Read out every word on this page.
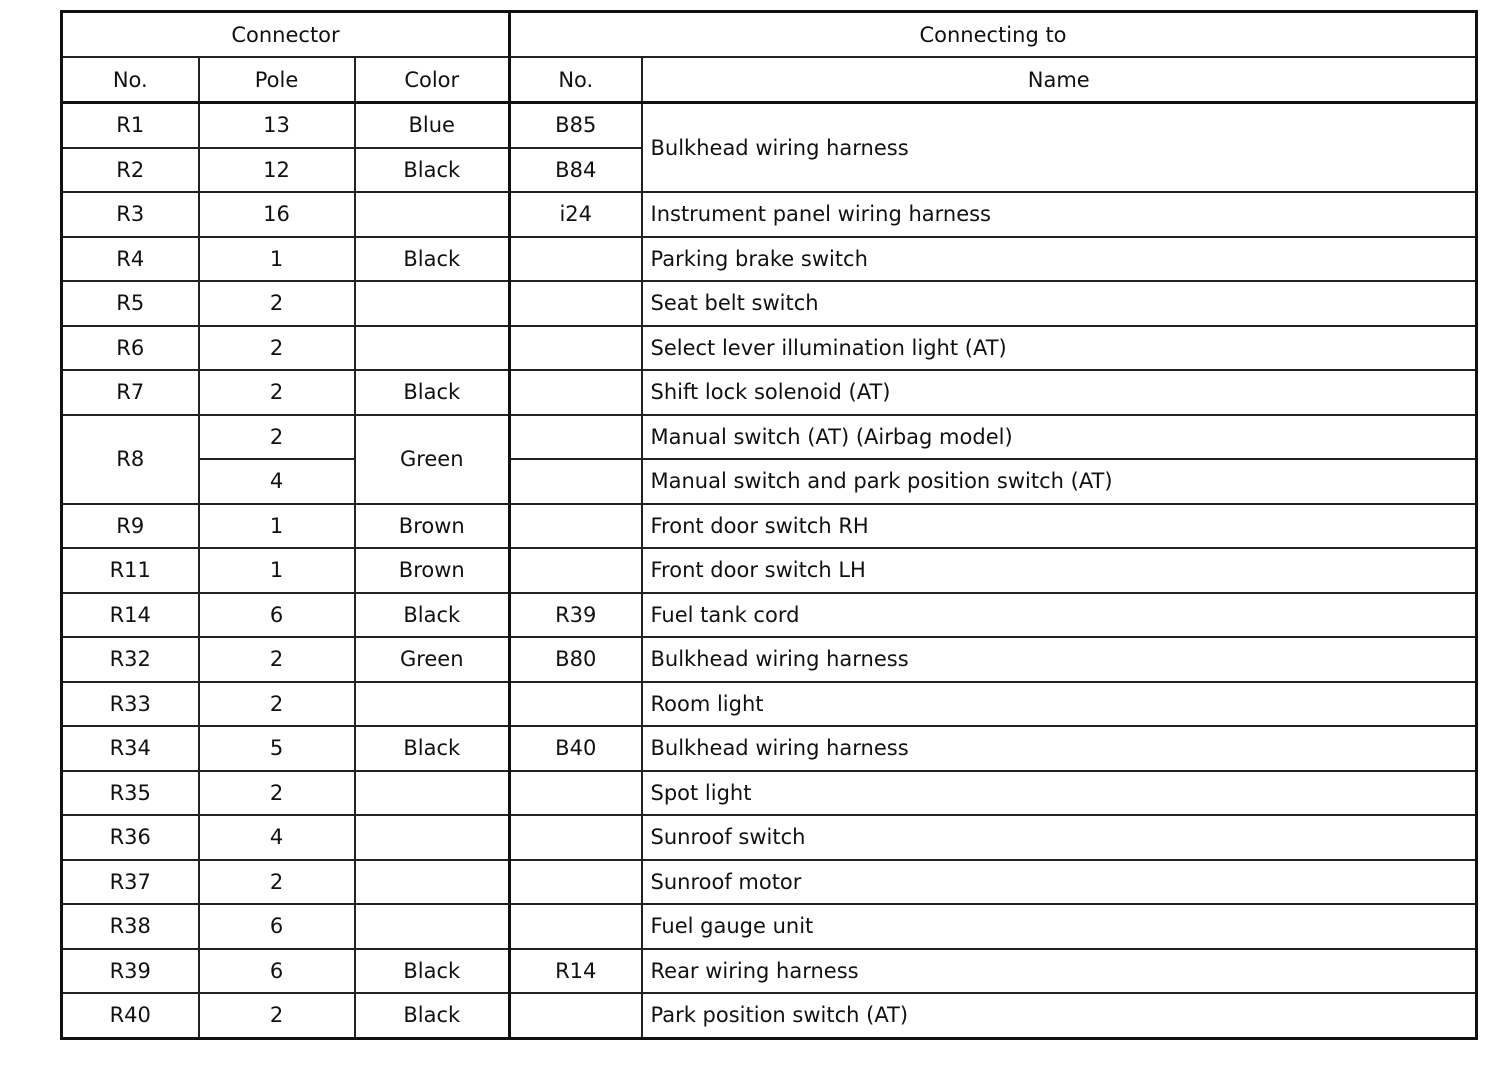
Connector			Connecting to	
No.	Pole	Color	No.	Name
R1	13	Blue	B85	Bulkhead wiring harness
R2	12	Black	B84	
R3	16		i24	Instrument panel wiring harness
R4	1	Black		Parking brake switch
R5	2			Seat belt switch
R6	2			Select lever illumination light (AT)
R7	2	Black		Shift lock solenoid (AT)
R8	2	Green		Manual switch (AT) (Airbag model)
	4			Manual switch and park position switch (AT)
R9	1	Brown		Front door switch RH
R11	1	Brown		Front door switch LH
R14	6	Black	R39	Fuel tank cord
R32	2	Green	B80	Bulkhead wiring harness
R33	2			Room light
R34	5	Black	B40	Bulkhead wiring harness
R35	2			Spot light
R36	4			Sunroof switch
R37	2			Sunroof motor
R38	6			Fuel gauge unit
R39	6	Black	R14	Rear wiring harness
R40	2	Black		Park position switch (AT)
